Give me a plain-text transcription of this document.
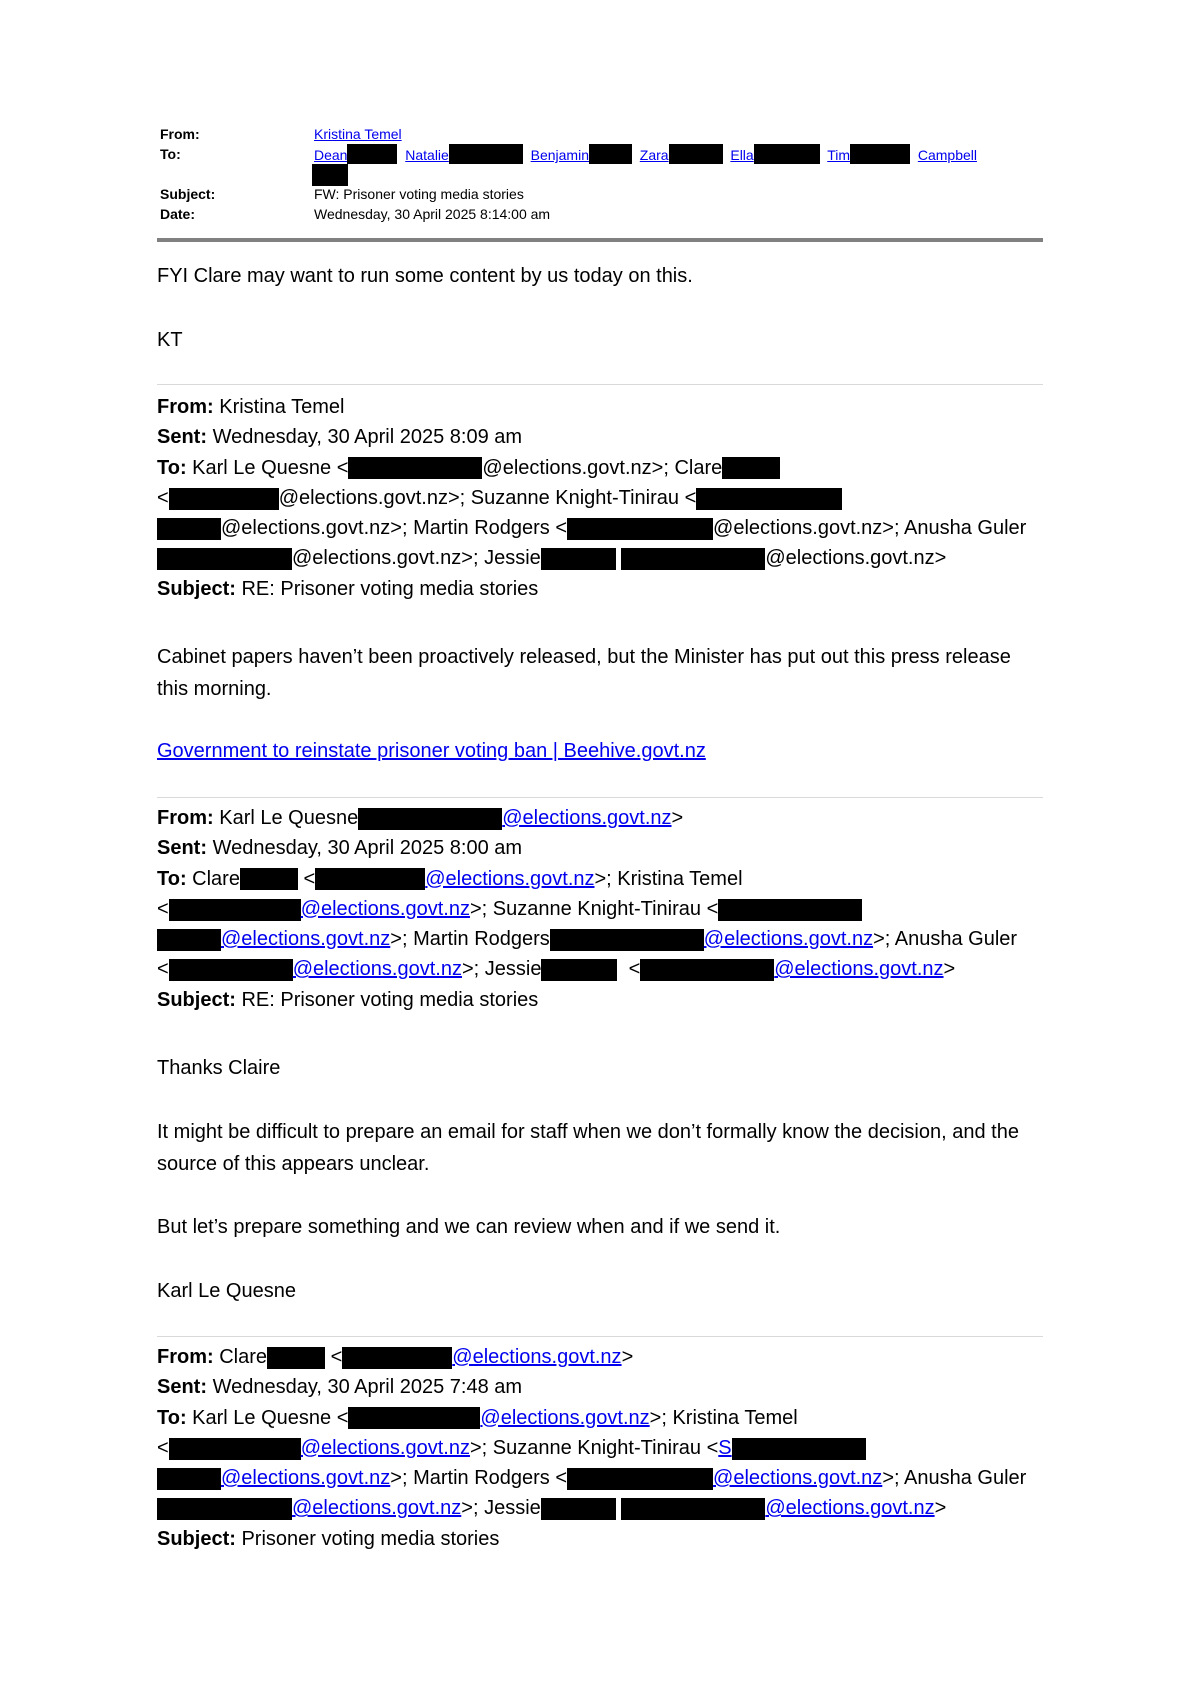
From:	Kristina Temel
To:	Dean	Natalie	Benjamin	Zara	Ella	Tim	Campbell
Subject:	FW: Prisoner voting media stories
Date:	Wednesday, 30 April 2025 8:14:00 am
FYI Clare may want to run some content by us today on this.
KT
From: Kristina Temel
Sent: Wednesday, 30 April 2025 8:09 am
To: Karl Le Quesne <	@elections.govt.nz>; Clare
<	@elections.govt.nz>; Suzanne Knight-Tinirau <
@elections.govt.nz>; Martin Rodgers <	@elections.govt.nz>; Anusha Guler
@elections.govt.nz>; Jessie	@elections.govt.nz>
Subject: RE: Prisoner voting media stories
Cabinet papers haven’t been proactively released, but the Minister has put out this press release this morning.
Government to reinstate prisoner voting ban | Beehive.govt.nz
From: Karl Le Quesne	@elections.govt.nz>
Sent: Wednesday, 30 April 2025 8:00 am
To: Clare	<	@elections.govt.nz>; Kristina Temel
<	@elections.govt.nz>; Suzanne Knight-Tinirau <
@elections.govt.nz>; Martin Rodgers	@elections.govt.nz>; Anusha Guler
<	@elections.govt.nz>; Jessie	<	@elections.govt.nz>
Subject: RE: Prisoner voting media stories
Thanks Claire
It might be difficult to prepare an email for staff when we don’t formally know the decision, and the source of this appears unclear.
But let’s prepare something and we can review when and if we send it.
Karl Le Quesne
From: Clare	<	@elections.govt.nz>
Sent: Wednesday, 30 April 2025 7:48 am
To: Karl Le Quesne <	@elections.govt.nz>; Kristina Temel
<	@elections.govt.nz>; Suzanne Knight-Tinirau <S
@elections.govt.nz>; Martin Rodgers <	@elections.govt.nz>; Anusha Guler
@elections.govt.nz>; Jessie	@elections.govt.nz>
Subject: Prisoner voting media stories
